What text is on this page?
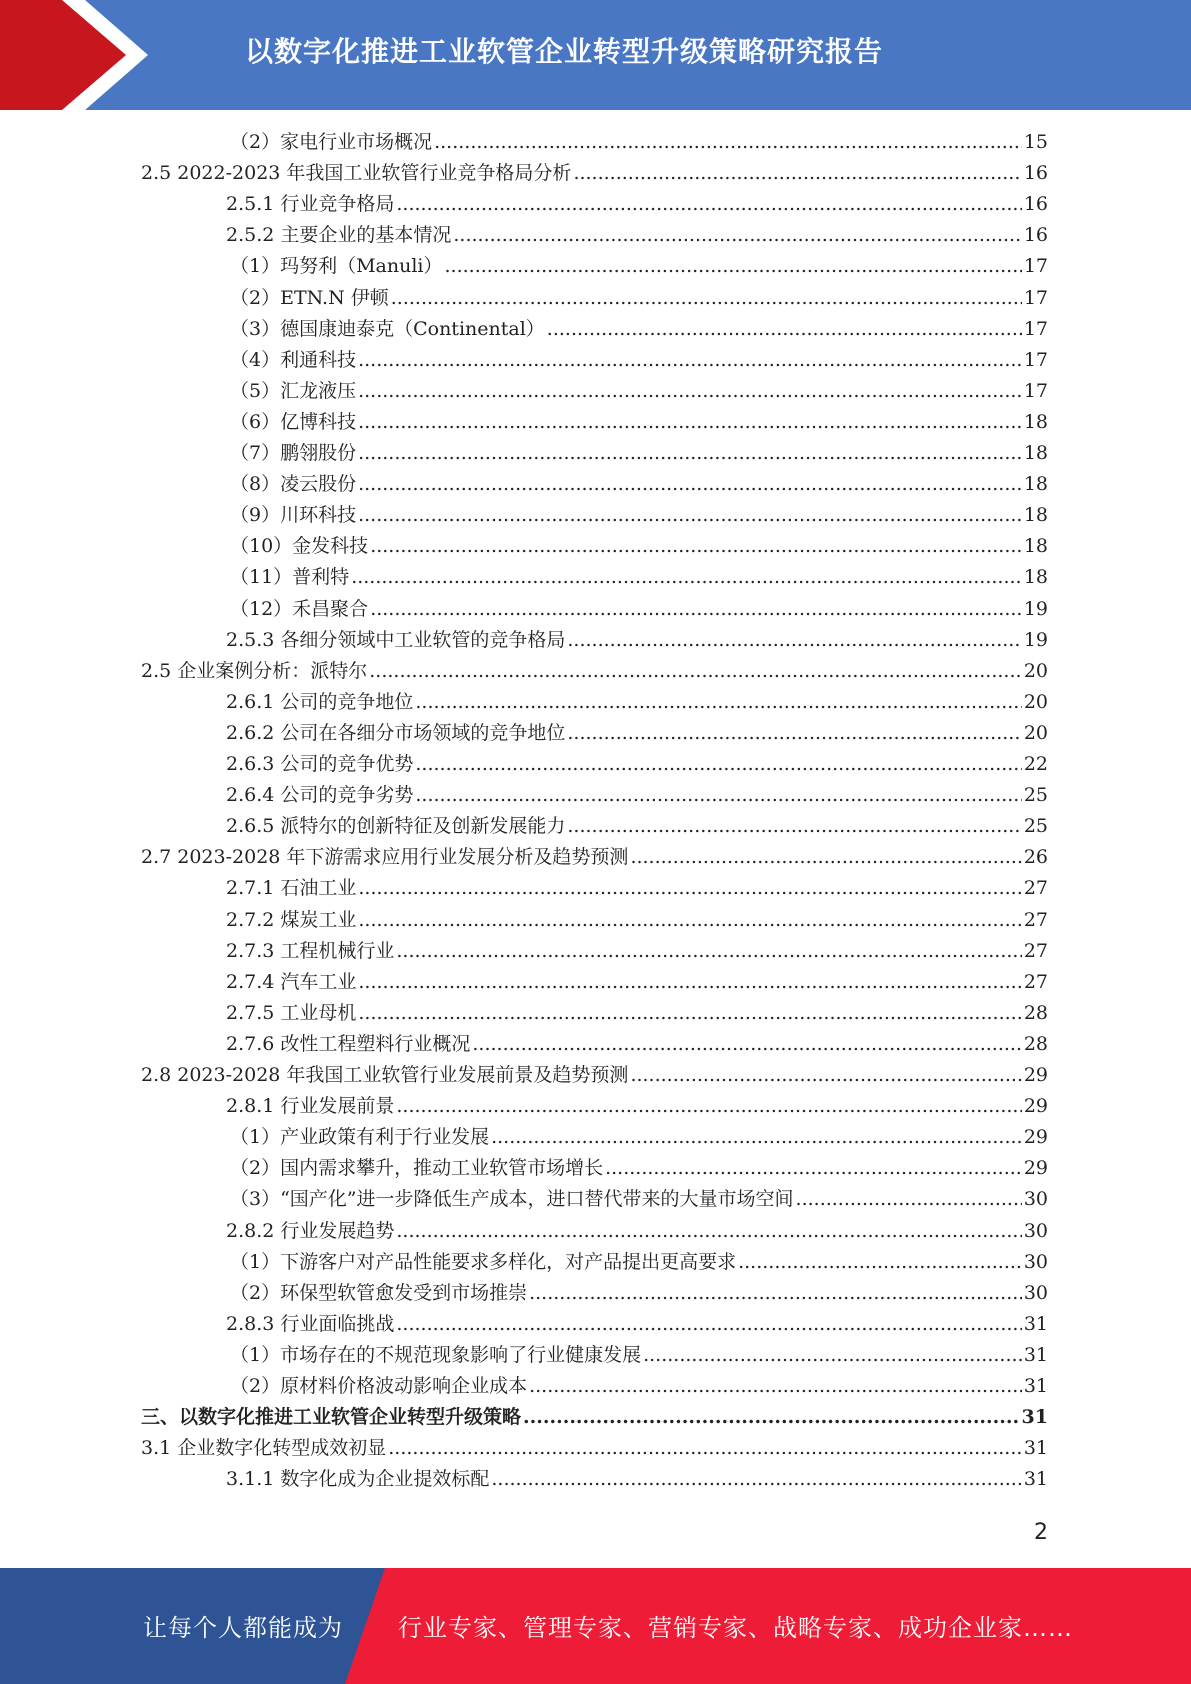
以数字化推进工业软管企业转型升级策略研究报告
（2）家电行业市场概况 .....	15
2.5 2022-2023 年我国工业软管行业竞争格局分析 .....	16
2.5.1 行业竞争格局 .....	16
2.5.2 主要企业的基本情况 .....	16
（1）玛努利（Manuli） .....	17
（2）ETN.N 伊顿 .....	17
（3）德国康迪泰克（Continental） .....	17
（4）利通科技 .....	17
（5）汇龙液压 .....	17
（6）亿博科技 .....	18
（7）鹏翎股份 .....	18
（8）凌云股份 .....	18
（9）川环科技 .....	18
（10）金发科技 .....	18
（11）普利特 .....	18
（12）禾昌聚合 .....	19
2.5.3 各细分领域中工业软管的竞争格局 .....	19
2.5 企业案例分析：派特尔 .....	20
2.6.1 公司的竞争地位 .....	20
2.6.2 公司在各细分市场领域的竞争地位 .....	20
2.6.3 公司的竞争优势 .....	22
2.6.4 公司的竞争劣势 .....	25
2.6.5 派特尔的创新特征及创新发展能力 .....	25
2.7 2023-2028 年下游需求应用行业发展分析及趋势预测 .....	26
2.7.1 石油工业 .....	27
2.7.2 煤炭工业 .....	27
2.7.3 工程机械行业 .....	27
2.7.4 汽车工业 .....	27
2.7.5 工业母机 .....	28
2.7.6 改性工程塑料行业概况 .....	28
2.8 2023-2028 年我国工业软管行业发展前景及趋势预测 .....	29
2.8.1 行业发展前景 .....	29
（1）产业政策有利于行业发展 .....	29
（2）国内需求攀升，推动工业软管市场增长 .....	29
（3）“国产化”进一步降低生产成本，进口替代带来的大量市场空间 .....	30
2.8.2 行业发展趋势 .....	30
（1）下游客户对产品性能要求多样化，对产品提出更高要求 .....	30
（2）环保型软管愈发受到市场推崇 .....	30
2.8.3 行业面临挑战 .....	31
（1）市场存在的不规范现象影响了行业健康发展 .....	31
（2）原材料价格波动影响企业成本 .....	31
三、以数字化推进工业软管企业转型升级策略 .....	31
3.1 企业数字化转型成效初显 .....	31
3.1.1 数字化成为企业提效标配 .....	31
2
让每个人都能成为 行业专家、管理专家、营销专家、战略专家、成功企业家……
